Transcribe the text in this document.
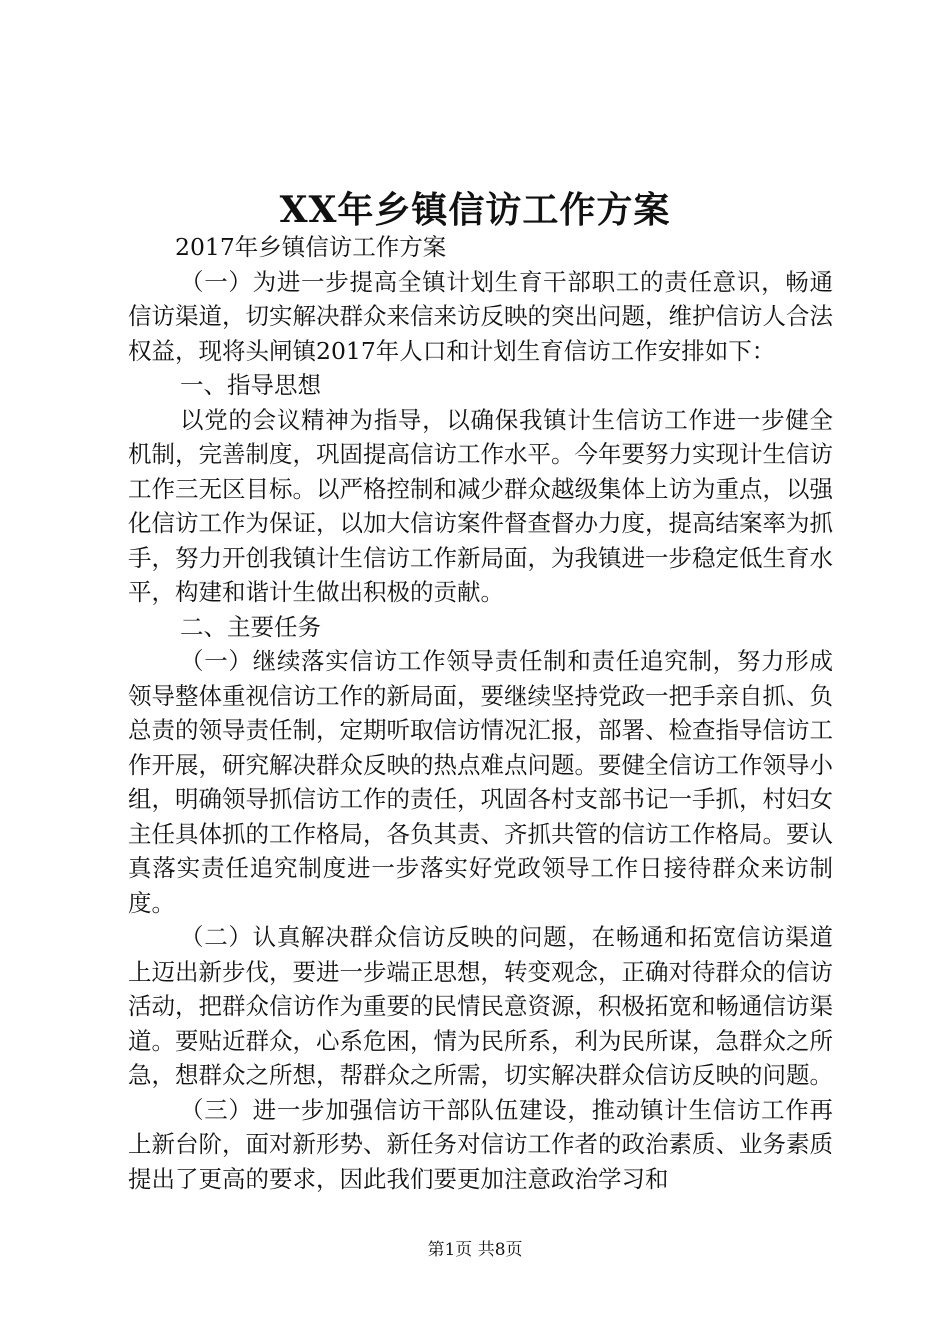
XX年乡镇信访工作方案

2017年乡镇信访工作方案

（一）为进一步提高全镇计划生育干部职工的责任意识，畅通信访渠道，切实解决群众来信来访反映的突出问题，维护信访人合法权益，现将头闸镇2017年人口和计划生育信访工作安排如下：

一、指导思想

以党的会议精神为指导，以确保我镇计生信访工作进一步健全机制，完善制度，巩固提高信访工作水平。今年要努力实现计生信访工作三无区目标。以严格控制和减少群众越级集体上访为重点，以强化信访工作为保证，以加大信访案件督查督办力度，提高结案率为抓手，努力开创我镇计生信访工作新局面，为我镇进一步稳定低生育水平，构建和谐计生做出积极的贡献。

二、主要任务

（一）继续落实信访工作领导责任制和责任追究制，努力形成领导整体重视信访工作的新局面，要继续坚持党政一把手亲自抓、负总责的领导责任制，定期听取信访情况汇报，部署、检查指导信访工作开展，研究解决群众反映的热点难点问题。要健全信访工作领导小组，明确领导抓信访工作的责任，巩固各村支部书记一手抓，村妇女主任具体抓的工作格局，各负其责、齐抓共管的信访工作格局。要认真落实责任追究制度进一步落实好党政领导工作日接待群众来访制度。

（二）认真解决群众信访反映的问题，在畅通和拓宽信访渠道上迈出新步伐，要进一步端正思想，转变观念，正确对待群众的信访活动，把群众信访作为重要的民情民意资源，积极拓宽和畅通信访渠道。要贴近群众，心系危困，情为民所系，利为民所谋，急群众之所急，想群众之所想，帮群众之所需，切实解决群众信访反映的问题。

（三）进一步加强信访干部队伍建设，推动镇计生信访工作再上新台阶，面对新形势、新任务对信访工作者的政治素质、业务素质提出了更高的要求，因此我们要更加注意政治学习和

第1页 共8页
